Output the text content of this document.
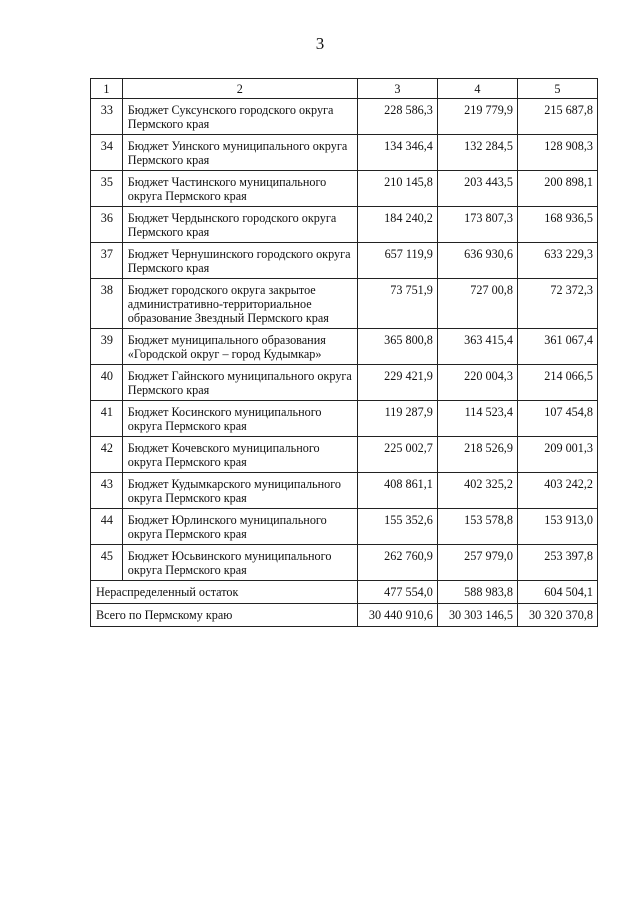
3
1	2	3	4	5
33	Бюджет Суксунского городского округа Пермского края	228 586,3	219 779,9	215 687,8
34	Бюджет Уинского муниципального округа Пермского края	134 346,4	132 284,5	128 908,3
35	Бюджет Частинского муниципального округа Пермского края	210 145,8	203 443,5	200 898,1
36	Бюджет Чердынского городского округа Пермского края	184 240,2	173 807,3	168 936,5
37	Бюджет Чернушинского городского округа Пермского края	657 119,9	636 930,6	633 229,3
38	Бюджет городского округа закрытое административно-территориальное образование Звездный Пермского края	73 751,9	727 00,8	72 372,3
39	Бюджет муниципального образования «Городской округ – город Кудымкар»	365 800,8	363 415,4	361 067,4
40	Бюджет Гайнского муниципального округа Пермского края	229 421,9	220 004,3	214 066,5
41	Бюджет Косинского муниципального округа Пермского края	119 287,9	114 523,4	107 454,8
42	Бюджет Кочевского муниципального округа Пермского края	225 002,7	218 526,9	209 001,3
43	Бюджет Кудымкарского муниципального округа Пермского края	408 861,1	402 325,2	403 242,2
44	Бюджет Юрлинского муниципального округа Пермского края	155 352,6	153 578,8	153 913,0
45	Бюджет Юсьвинского муниципального округа Пермского края	262 760,9	257 979,0	253 397,8
Нераспределенный остаток		477 554,0	588 983,8	604 504,1
Всего по Пермскому краю		30 440 910,6	30 303 146,5	30 320 370,8
